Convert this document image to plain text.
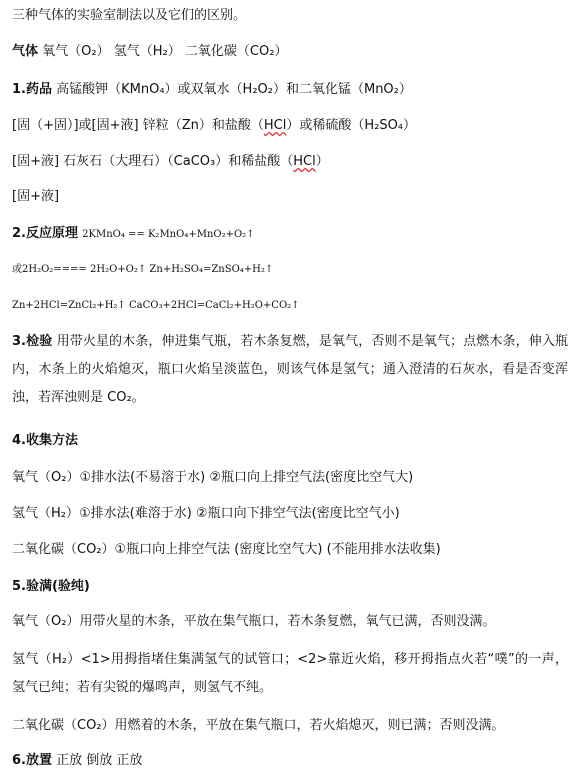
三种气体的实验室制法以及它们的区别。
气体 氧气（O₂） 氢气（H₂） 二氧化碳（CO₂）
1.药品 高锰酸钾（KMnO₄）或双氧水（H₂O₂）和二氧化锰（MnO₂）
[固（+固）]或[固+液] 锌粒（Zn）和盐酸（HCl）或稀硫酸（H₂SO₄）
[固+液] 石灰石（大理石）（CaCO₃）和稀盐酸（HCl）
[固+液]
2.反应原理 2KMnO₄ == K₂MnO₄+MnO₂+O₂↑
或2H₂O₂==== 2H₂O+O₂↑ Zn+H₂SO₄=ZnSO₄+H₂↑
Zn+2HCl=ZnCl₂+H₂↑ CaCO₃+2HCl=CaCl₂+H₂O+CO₂↑
3.检验 用带火星的木条，伸进集气瓶，若木条复燃，是氧气，否则不是氧气；点燃木条，伸入瓶内，木条上的火焰熄灭，瓶口火焰呈淡蓝色，则该气体是氢气；通入澄清的石灰水，看是否变浑浊，若浑浊则是 CO₂。
4.收集方法
氧气（O₂）①排水法(不易溶于水) ②瓶口向上排空气法(密度比空气大)
氢气（H₂）①排水法(难溶于水) ②瓶口向下排空气法(密度比空气小)
二氧化碳（CO₂）①瓶口向上排空气法 (密度比空气大) (不能用排水法收集)
5.验满(验纯)
氧气（O₂）用带火星的木条，平放在集气瓶口，若木条复燃，氧气已满，否则没满。
氢气（H₂）<1>用拇指堵住集满氢气的试管口；<2>靠近火焰，移开拇指点火若“噗”的一声，氢气已纯；若有尖锐的爆鸣声，则氢气不纯。
二氧化碳（CO₂）用燃着的木条，平放在集气瓶口，若火焰熄灭，则已满；否则没满。
6.放置 正放 倒放 正放
